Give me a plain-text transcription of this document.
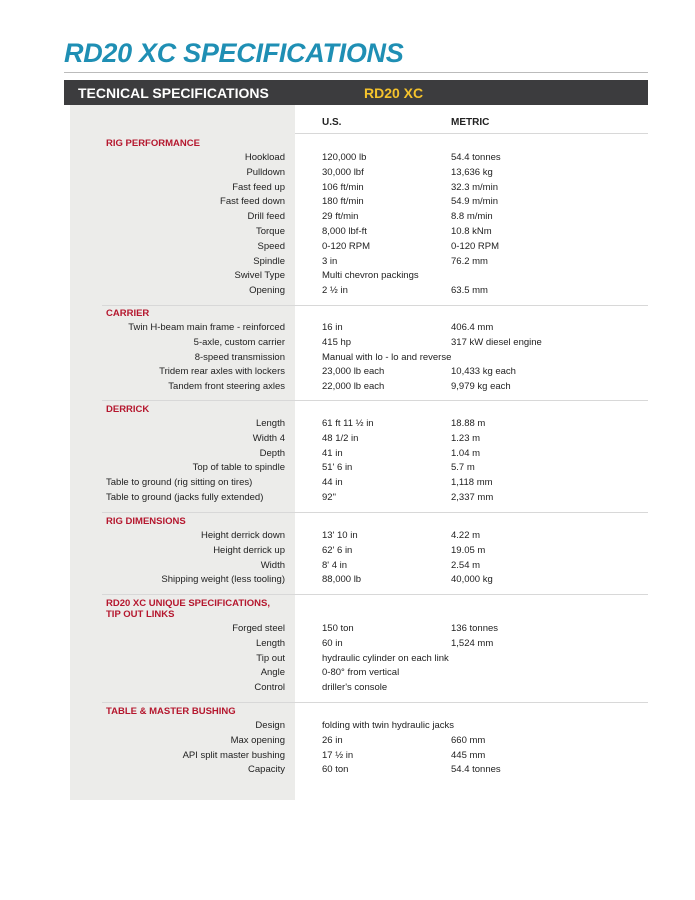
RD20 XC SPECIFICATIONS
TECNICAL SPECIFICATIONS	RD20 XC
U.S.	METRIC
RIG PERFORMANCE
Hookload	120,000 lb	54.4 tonnes
Pulldown	30,000 lbf	13,636 kg
Fast feed up	106 ft/min	32.3 m/min
Fast feed down	180 ft/min	54.9 m/min
Drill feed	29 ft/min	8.8 m/min
Torque	8,000 lbf-ft	10.8 kNm
Speed	0-120 RPM	0-120 RPM
Spindle	3 in	76.2 mm
Swivel Type	Multi chevron packings
Opening	2 ½ in	63.5 mm
CARRIER
Twin H-beam main frame - reinforced	16 in	406.4 mm
5-axle, custom carrier	415 hp	317 kW diesel engine
8-speed transmission	Manual with lo - lo and reverse
Tridem rear axles with lockers	23,000 lb each	10,433 kg each
Tandem front steering axles	22,000 lb each	9,979 kg each
DERRICK
Length	61 ft 11 ½ in	18.88 m
Width 4	48 1/2 in	1.23 m
Depth	41 in	1.04 m
Top of table to spindle	51' 6 in	5.7 m
Table to ground (rig sitting on tires)	44 in	1,118 mm
Table to ground (jacks fully extended)	92"	2,337 mm
RIG DIMENSIONS
Height derrick down	13' 10 in	4.22 m
Height derrick up	62' 6 in	19.05 m
Width	8' 4 in	2.54 m
Shipping weight (less tooling)	88,000 lb	40,000 kg
RD20 XC UNIQUE SPECIFICATIONS,
TIP OUT LINKS
Forged steel	150 ton	136 tonnes
Length	60 in	1,524 mm
Tip out	hydraulic cylinder on each link
Angle	0-80° from vertical
Control	driller's console
TABLE & MASTER BUSHING
Design	folding with twin hydraulic jacks
Max opening	26 in	660 mm
API split master bushing	17 ½ in	445 mm
Capacity	60 ton	54.4 tonnes
